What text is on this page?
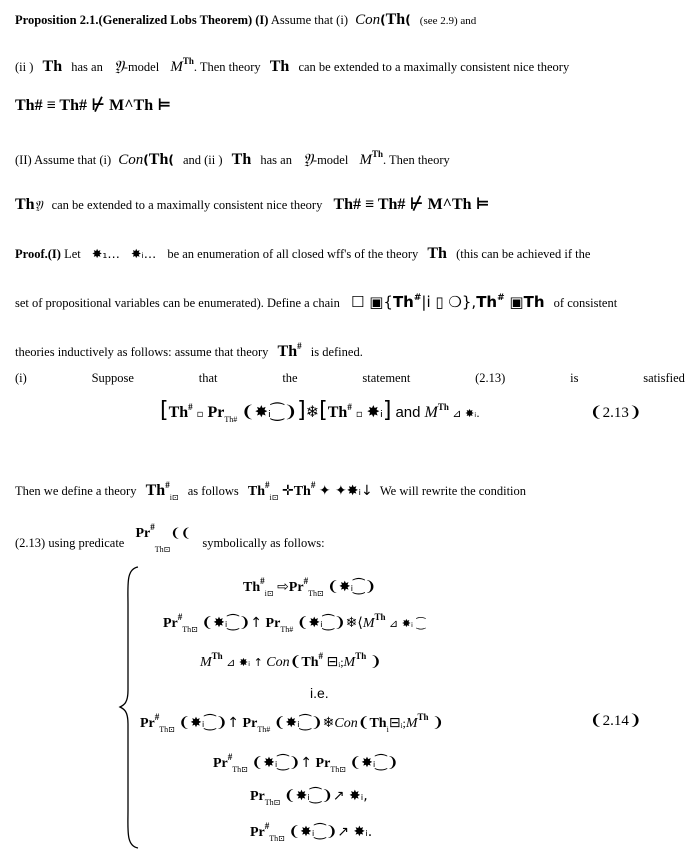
Proposition 2.1.(Generalized Lobs Theorem) (I) Assume that (i) Con(Th( (see 2.9) and
(ii ) Th has an 𝔜-model MTh. Then theory Th can be extended to a maximally consistent nice theory
Th# ≡ Th# ⊬ M^Th ⊨
(II) Assume that (i) Con(Th( and (ii ) Th has an 𝔜-model MTh. Then theory
Th𝔜 can be extended to a maximally consistent nice theory Th# ≡ Th# ⊬ M^Th ⊨
Proof.(I) Let ✸₁… ✸ᵢ… be an enumeration of all closed wff's of the theory Th (this can be achieved if the
set of propositional variables can be enumerated). Define a chain ☐ ▣{Th#|i ▯ ❍},Th# ▣Th of consistent
theories inductively as follows: assume that theory Th# is defined.
(i)	Suppose	that	the	statement	(2.13)	is	satisfied
[Th# ▫ $Pr_{Th\#}$ ❨✸ᵢ⁐❩]❄[Th# ▫ ✸ᵢ] and MTh ⊿ ✸ᵢ.	❨2.13❩
Then we define a theory $Th^{\#}_{i⊡}$ as follows $Th^{\#}_{i⊡}$ ✛Th# ✦ ✦✸ᵢ↓ We will rewrite the condition
(2.13) using predicate $Pr^{\#}_{Th⊡}❨❨$ symbolically as follows:
$Th^{\#}_{i⊡}$ $⇨Pr^{\#}_{Th⊡}$ ❨✸ᵢ⁐❩
$Pr^{\#}_{Th⊡}$ ❨✸ᵢ⁐❩↑ $Pr_{Th\#}$ ❨✸ᵢ⁐❩❄⟨MTh ⊿ ✸ᵢ ⁐
MTh ⊿ ✸ᵢ ↑ Con❨Th# ⊟ᵢ;MTh ❩
i.e.
$Pr^{\#}_{Th⊡}$ ❨✸ᵢ⁐❩↑ $Pr_{Th\#}$ $❨✸ᵢ⁐❩❄Con❨Th_i⊟ᵢ;MTh$ ❩	❨2.14❩
$Pr^{\#}_{Th⊡}$ ❨✸ᵢ⁐❩↑ $Pr_{Th⊡}$ ❨✸ᵢ⁐❩
$Pr_{Th⊡}$ ❨✸ᵢ⁐❩↗ ✸ᵢ,
$Pr^{\#}_{Th⊡}$ ❨✸ᵢ⁐❩↗ ✸ᵢ.
